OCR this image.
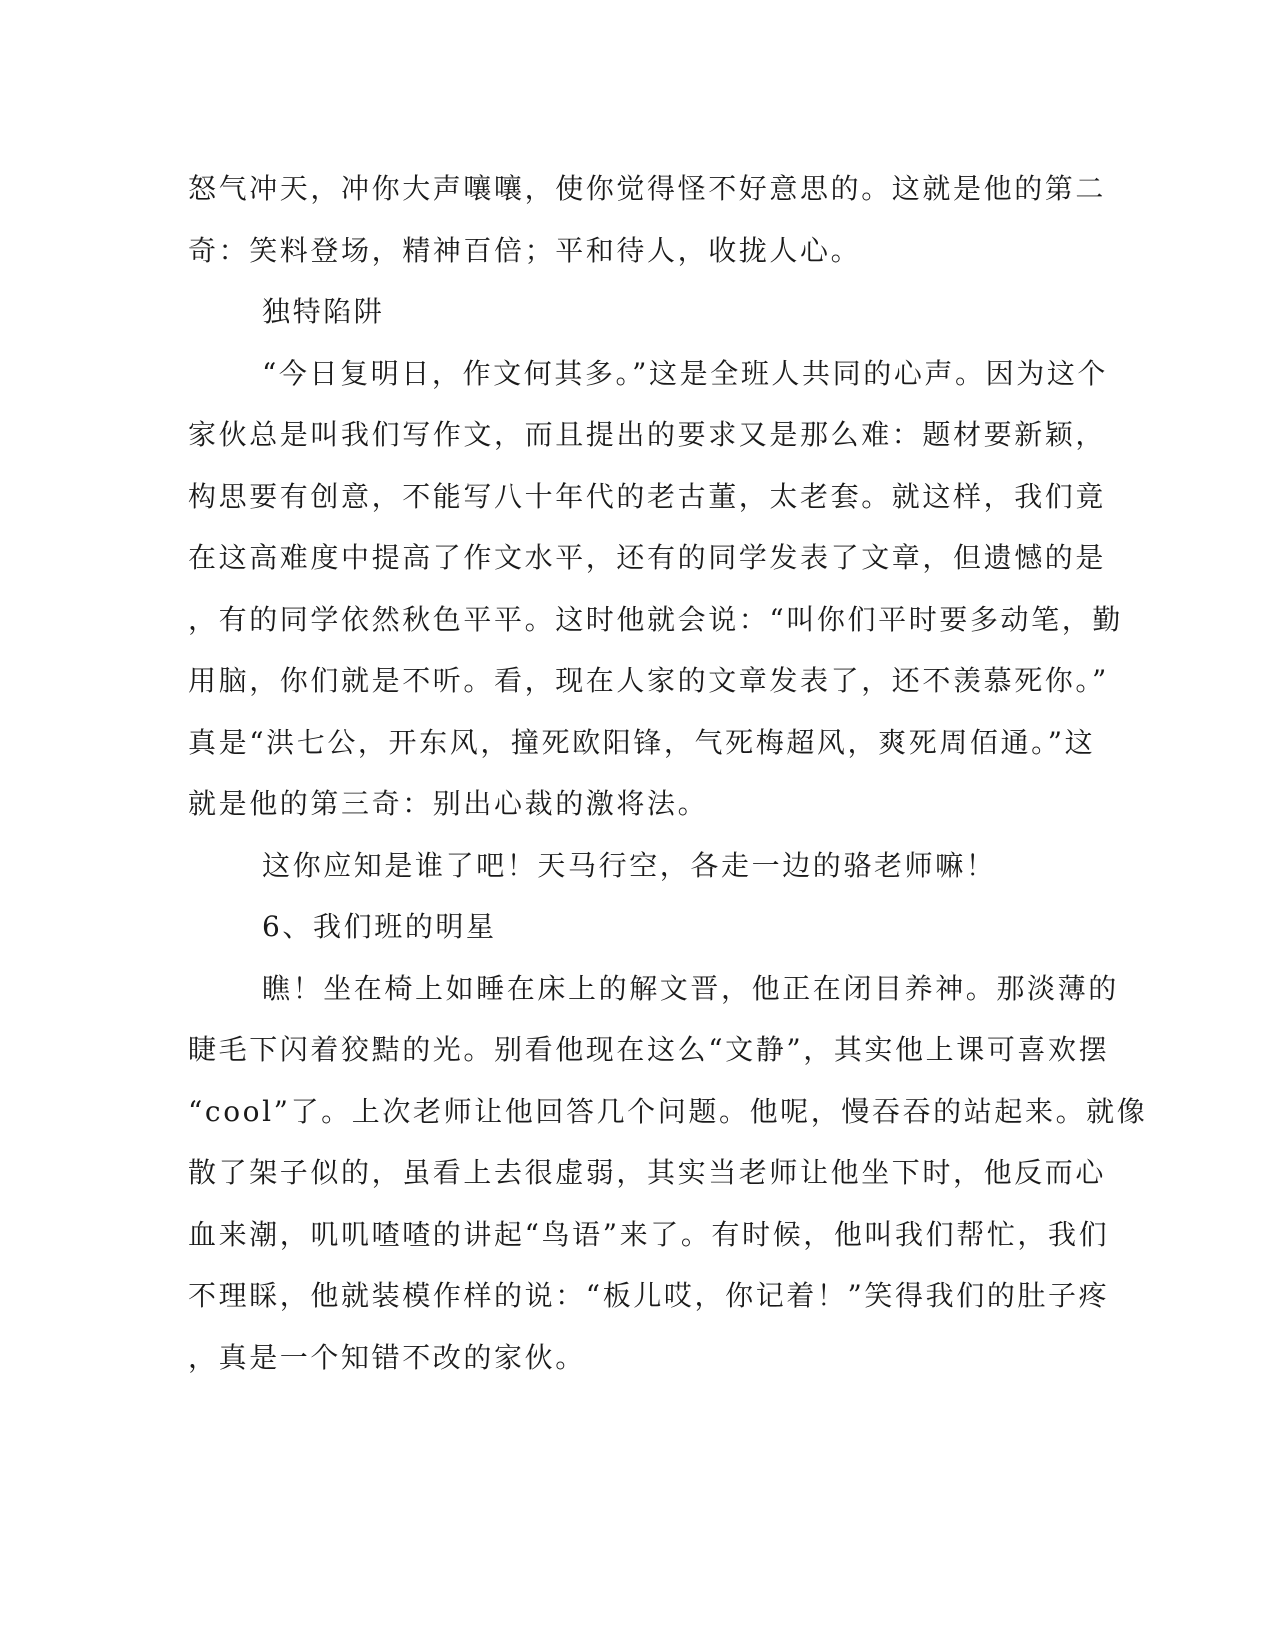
怒气冲天，冲你大声嚷嚷，使你觉得怪不好意思的。这就是他的第二
奇：笑料登场，精神百倍；平和待人，收拢人心。
独特陷阱
“今日复明日，作文何其多。”这是全班人共同的心声。因为这个
家伙总是叫我们写作文，而且提出的要求又是那么难：题材要新颖，
构思要有创意，不能写八十年代的老古董，太老套。就这样，我们竟
在这高难度中提高了作文水平，还有的同学发表了文章，但遗憾的是
，有的同学依然秋色平平。这时他就会说：“叫你们平时要多动笔，勤
用脑，你们就是不听。看，现在人家的文章发表了，还不羡慕死你。”
真是“洪七公，开东风，撞死欧阳锋，气死梅超风，爽死周佰通。”这
就是他的第三奇：别出心裁的激将法。
这你应知是谁了吧！天马行空，各走一边的骆老师嘛！
6、我们班的明星
瞧！坐在椅上如睡在床上的解文晋，他正在闭目养神。那淡薄的
睫毛下闪着狡黠的光。别看他现在这么“文静”，其实他上课可喜欢摆
“cool”了。上次老师让他回答几个问题。他呢，慢吞吞的站起来。就像
散了架子似的，虽看上去很虚弱，其实当老师让他坐下时，他反而心
血来潮，叽叽喳喳的讲起“鸟语”来了。有时候，他叫我们帮忙，我们
不理睬，他就装模作样的说：“板儿哎，你记着！”笑得我们的肚子疼
，真是一个知错不改的家伙。
